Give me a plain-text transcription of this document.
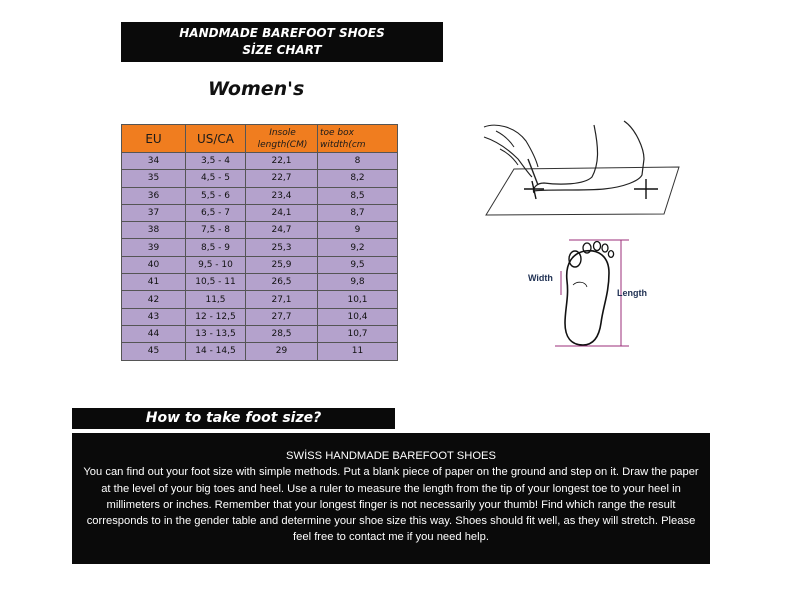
HANDMADE BAREFOOT SHOES
SİZE CHART
Women's
EU	US/CA	Insole length(CM)	toe box witdth(cm
34	3,5 - 4	22,1	8
35	4,5 - 5	22,7	8,2
36	5,5 - 6	23,4	8,5
37	6,5 - 7	24,1	8,7
38	7,5 - 8	24,7	9
39	8,5 - 9	25,3	9,2
40	9,5 - 10	25,9	9,5
41	10,5 - 11	26,5	9,8
42	11,5	27,1	10,1
43	12 - 12,5	27,7	10,4
44	13 - 13,5	28,5	10,7
45	14 - 14,5	29	11
Width
Length
How to take foot size?
SWİSS HANDMADE BAREFOOT SHOES
You can find out your foot size with simple methods. Put a blank piece of paper on the ground and step on it. Draw the paper at the level of your big toes and heel. Use a ruler to measure the length from the tip of your longest toe to your heel in millimeters or inches. Remember that your longest finger is not necessarily your thumb! Find which range the result corresponds to in the gender table and determine your shoe size this way. Shoes should fit well, as they will stretch. Please feel free to contact me if you need help.
